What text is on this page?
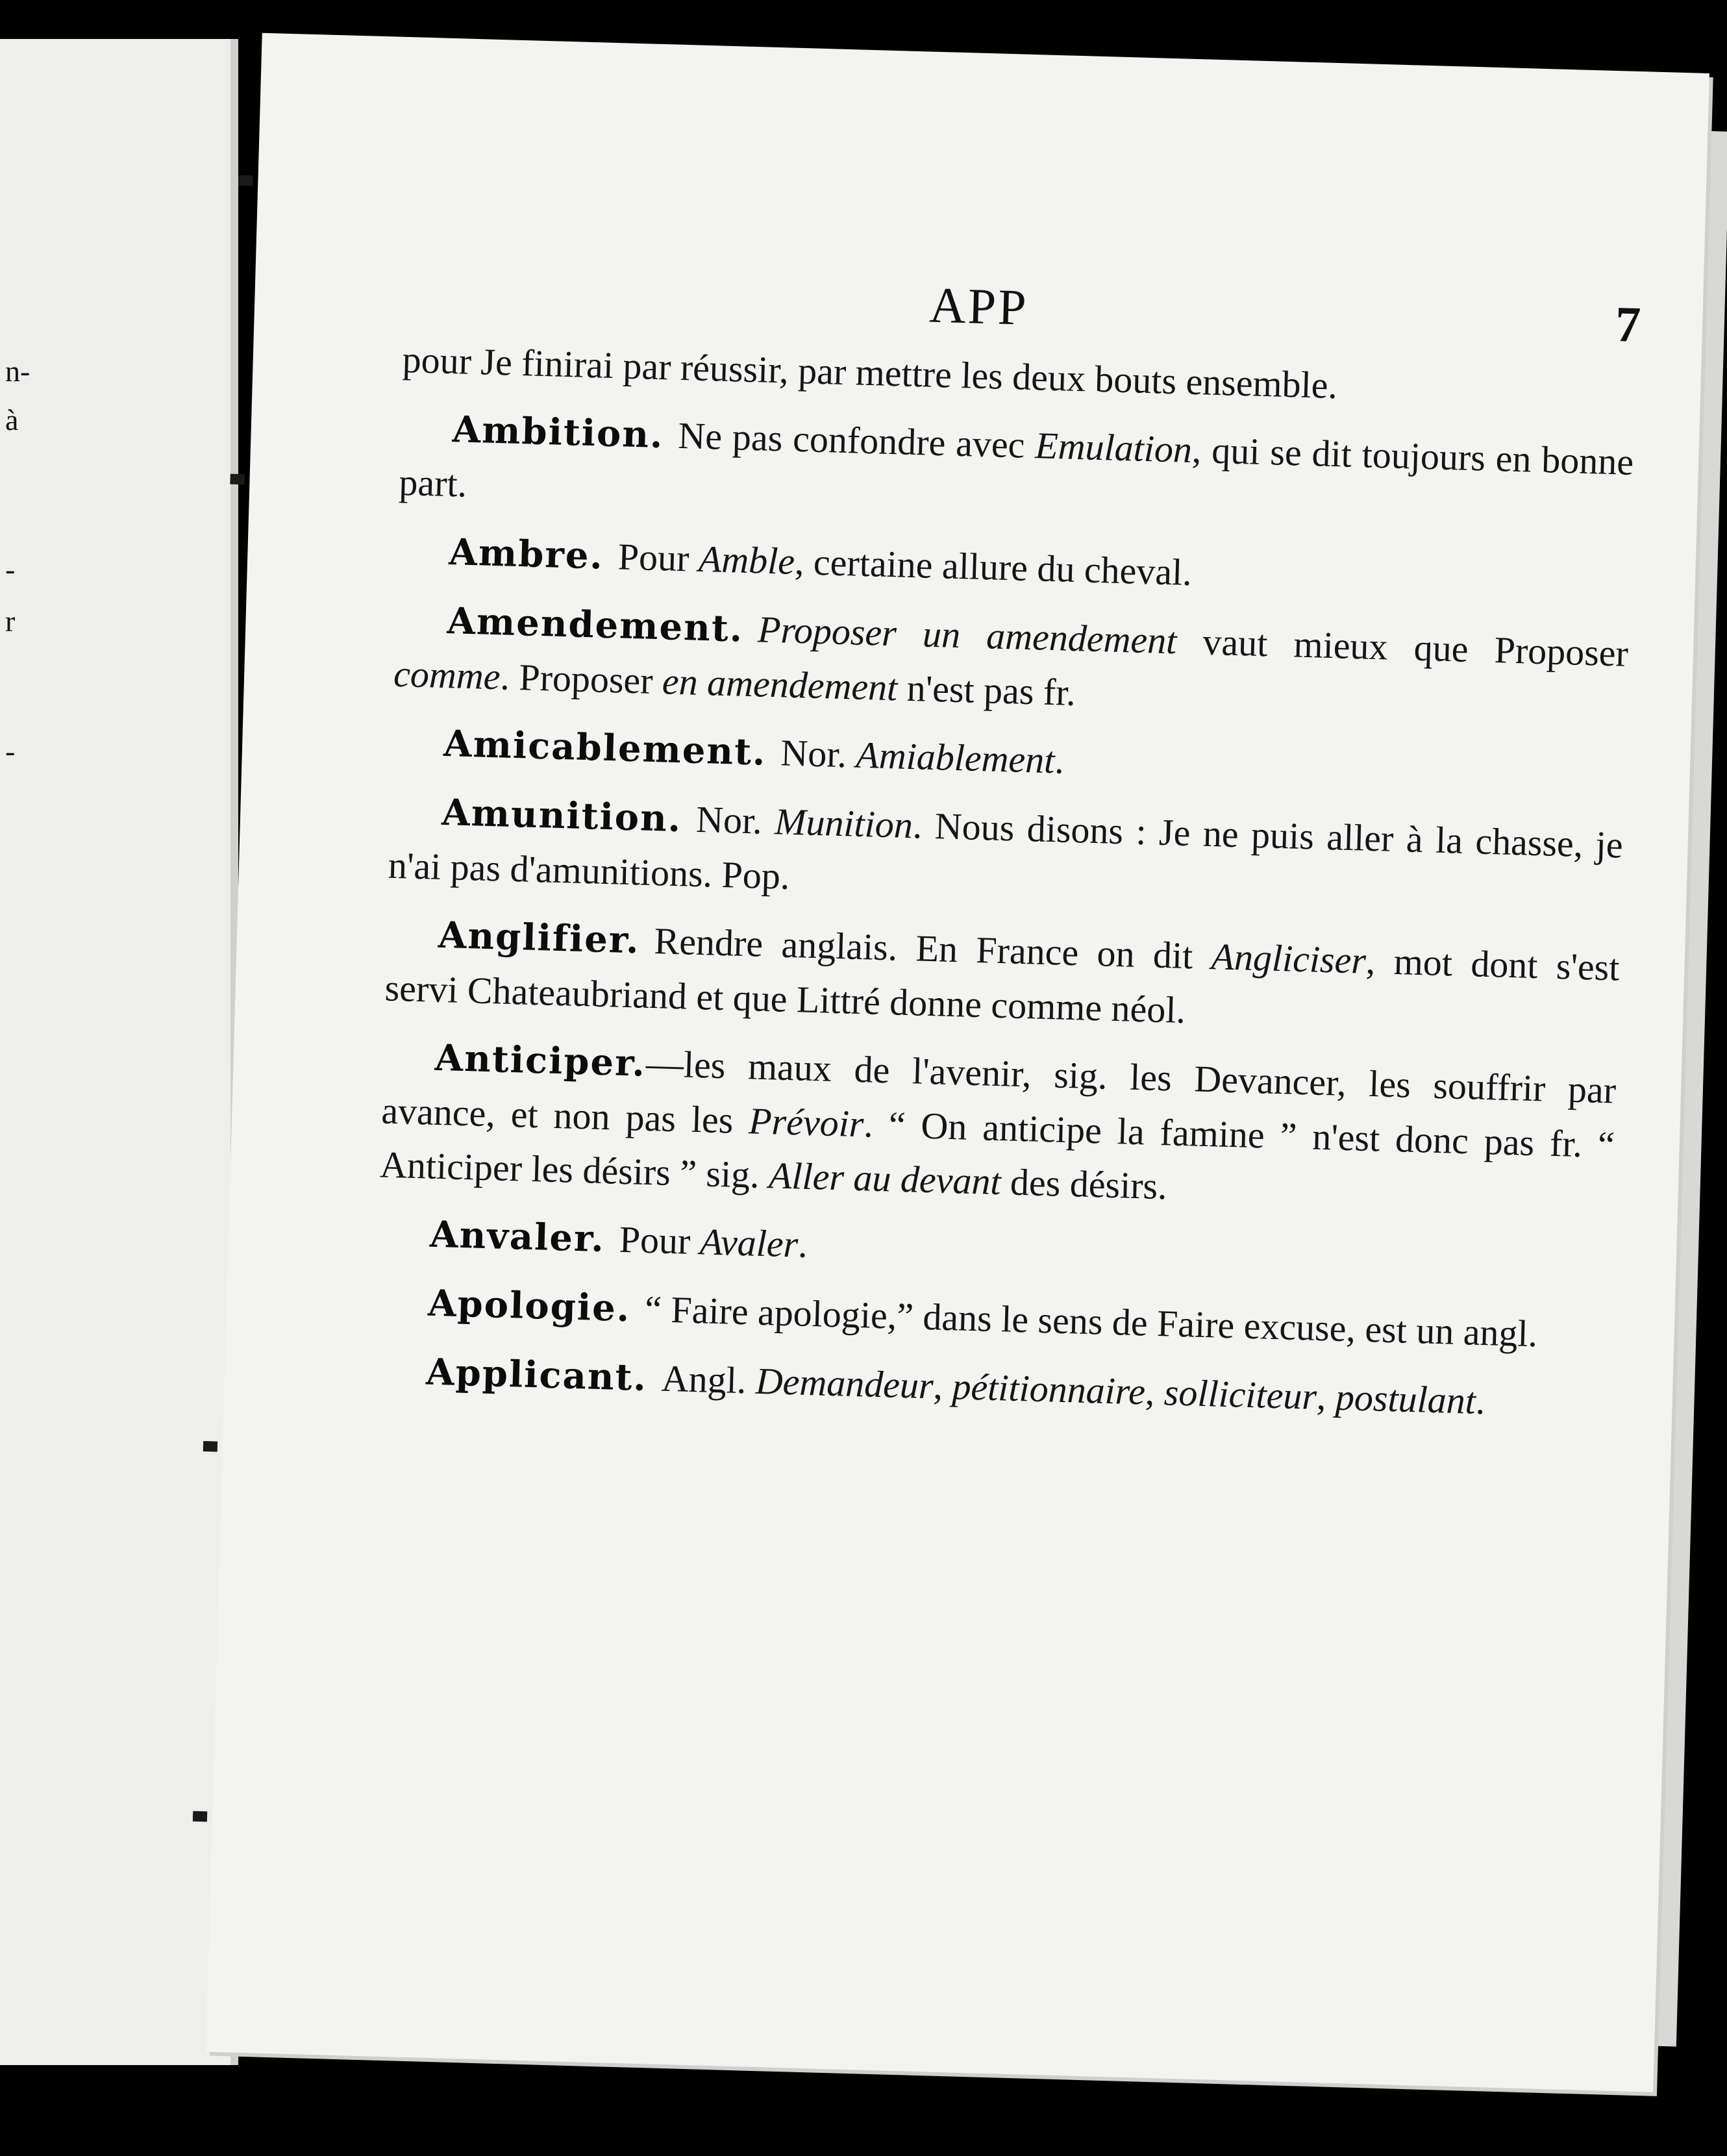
n-
à
-
r
-
APP	7

pour Je finirai par réussir, par mettre les deux bouts ensemble.

Ambition. Ne pas confondre avec Emulation, qui se dit toujours en bonne part.

Ambre. Pour Amble, certaine allure du cheval.

Amendement. Proposer un amendement vaut mieux que Proposer comme. Proposer en amendement n'est pas fr.

Amicablement. Nor. Amiablement.

Amunition. Nor. Munition. Nous disons : Je ne puis aller à la chasse, je n'ai pas d'amunitions. Pop.

Anglifier. Rendre anglais. En France on dit Angliciser, mot dont s'est servi Chateaubriand et que Littré donne comme néol.

Anticiper.—les maux de l'avenir, sig. les Devancer, les souffrir par avance, et non pas les Prévoir. “ On anticipe la famine ” n'est donc pas fr. “ Anticiper les désirs ” sig. Aller au devant des désirs.

Anvaler. Pour Avaler.

Apologie. “ Faire apologie,” dans le sens de Faire excuse, est un angl.

Applicant. Angl. Demandeur, pétitionnaire, solliciteur, postulant.
